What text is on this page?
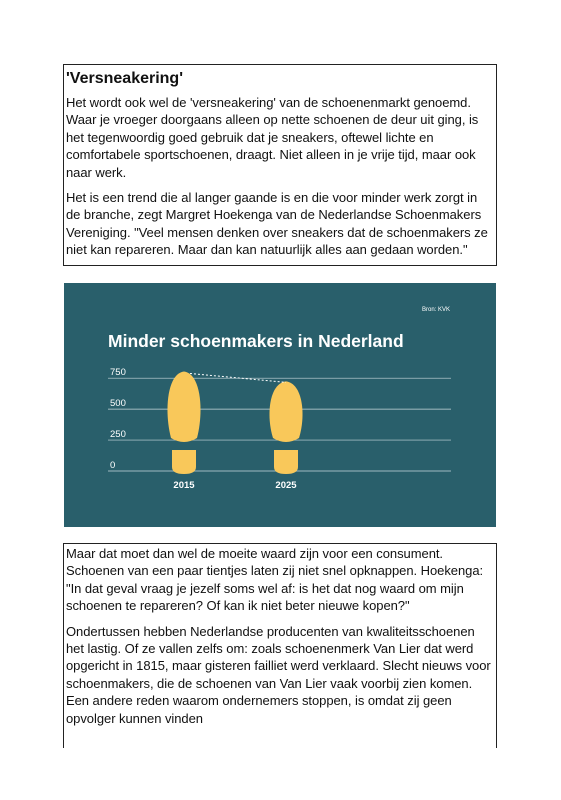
'Versneakering'

Het wordt ook wel de 'versneakering' van de schoenenmarkt genoemd. Waar je vroeger doorgaans alleen op nette schoenen de deur uit ging, is het tegenwoordig goed gebruik dat je sneakers, oftewel lichte en comfortabele sportschoenen, draagt. Niet alleen in je vrije tijd, maar ook naar werk.

Het is een trend die al langer gaande is en die voor minder werk zorgt in de branche, zegt Margret Hoekenga van de Nederlandse Schoenmakers Vereniging. "Veel mensen denken over sneakers dat de schoenmakers ze niet kan repareren. Maar dan kan natuurlijk alles aan gedaan worden."

Bron: KVK
Minder schoenmakers in Nederland
0
250
500
750
2015	2025

Maar dat moet dan wel de moeite waard zijn voor een consument. Schoenen van een paar tientjes laten zij niet snel opknappen. Hoekenga: "In dat geval vraag je jezelf soms wel af: is het dat nog waard om mijn schoenen te repareren? Of kan ik niet beter nieuwe kopen?"

Ondertussen hebben Nederlandse producenten van kwaliteitsschoenen het lastig. Of ze vallen zelfs om: zoals schoenenmerk Van Lier dat werd opgericht in 1815, maar gisteren failliet werd verklaard. Slecht nieuws voor schoenmakers, die de schoenen van Van Lier vaak voorbij zien komen. Een andere reden waarom ondernemers stoppen, is omdat zij geen opvolger kunnen vinden
